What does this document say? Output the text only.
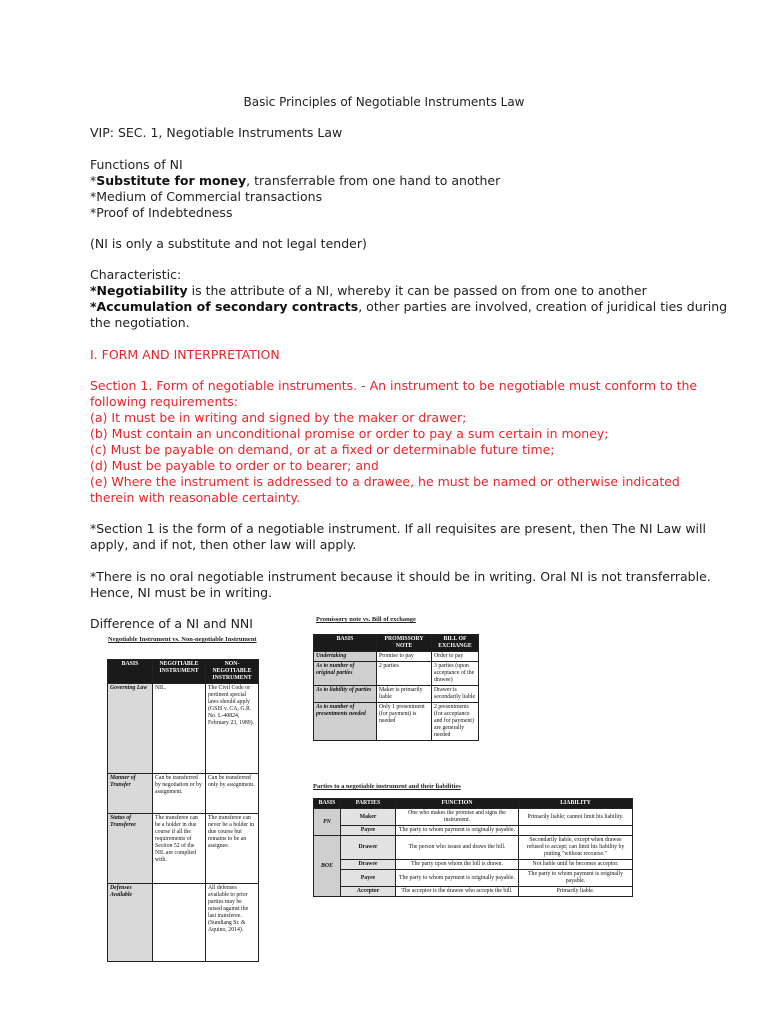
Basic Principles of Negotiable Instruments Law
VIP: SEC. 1, Negotiable Instruments Law
Functions of NI
*Substitute for money, transferrable from one hand to another
*Medium of Commercial transactions
*Proof of Indebtedness
(NI is only a substitute and not legal tender)
Characteristic:
*Negotiability is the attribute of a NI, whereby it can be passed on from one to another
*Accumulation of secondary contracts, other parties are involved, creation of juridical ties during
the negotiation.
I. FORM AND INTERPRETATION
Section 1. Form of negotiable instruments. - An instrument to be negotiable must conform to the
following requirements:
(a) It must be in writing and signed by the maker or drawer;
(b) Must contain an unconditional promise or order to pay a sum certain in money;
(c) Must be payable on demand, or at a fixed or determinable future time;
(d) Must be payable to order or to bearer; and
(e) Where the instrument is addressed to a drawee, he must be named or otherwise indicated
therein with reasonable certainty.
*Section 1 is the form of a negotiable instrument. If all requisites are present, then The NI Law will
apply, and if not, then other law will apply.
*There is no oral negotiable instrument because it should be in writing. Oral NI is not transferrable.
Hence, NI must be in writing.
Difference of a NI and NNI
Negotiable Instrument vs. Non-negotiable Instrument
BASIS	NEGOTIABLE INSTRUMENT	NON-NEGOTIABLE INSTRUMENT
Governing Law	NIL.	The Civil Code or pertinent special laws should apply (GSIS v. CA, G.R. No. L-40824, February 23, 1989).
Manner of Transfer	Can be transferred by negotiation or by assignment.	Can be transferred only by assignment.
Status of Transferee	The transferee can be a holder in due course if all the requirements of Section 52 of the NIL are complied with.	The transferee can never be a holder in due course but remains to be an assignee.
Defenses Available		All defenses available to prior parties may be raised against the last transferee. (Sundiang Sr. & Aquino, 2014).
Promissory note vs. Bill of exchange
BASIS	PROMISSORY NOTE	BILL OF EXCHANGE
Undertaking	Promise to pay	Order to pay
As to number of original parties	2 parties	3 parties (upon acceptance of the drawee)
As to liability of parties	Maker is primarily liable	Drawer is secondarily liable
As to number of presentments needed	Only 1 presentment (for payment) is needed	2 presentments (for acceptance and for payment) are generally needed
Parties to a negotiable instrument and their liabilities
BASIS	PARTIES	FUNCTION	LIABILITY
PN	Maker	One who makes the promise and signs the instrument.	Primarily liable; cannot limit his liability.
	Payee	The party to whom payment is originally payable.	
BOE	Drawer	The person who issues and draws the bill.	Secondarily liable, except when drawee refused to accept; can limit his liability by putting "without recourse."
	Drawee	The party upon whom the bill is drawn.	Not liable until he becomes acceptor.
	Payee	The party to whom payment is originally payable.	The party to whom payment is originally payable.
	Acceptor	The acceptor is the drawee who accepts the bill.	Primarily liable.
